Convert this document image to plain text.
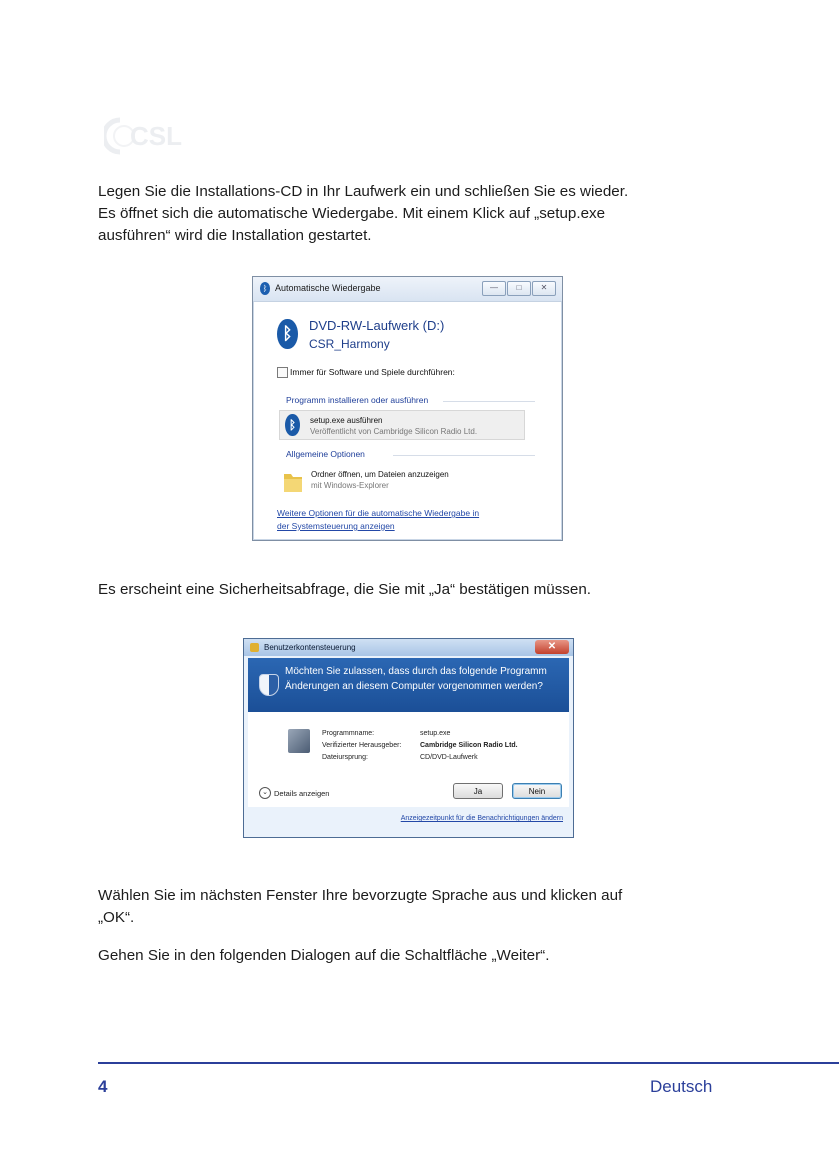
CSL
Legen Sie die Installations-CD in Ihr Laufwerk ein und schließen Sie es wieder.
Es öffnet sich die automatische Wiedergabe. Mit einem Klick auf „setup.exe
ausführen“ wird die Installation gestartet.
ᛒ Automatische Wiedergabe	—	□	✕
ᛒ	DVD-RW-Laufwerk (D:)
CSR_Harmony
Immer für Software und Spiele durchführen:
Programm installieren oder ausführen
ᛒ	setup.exe ausführen
Veröffentlicht von Cambridge Silicon Radio Ltd.
Allgemeine Optionen
Ordner öffnen, um Dateien anzuzeigen
mit Windows-Explorer
Weitere Optionen für die automatische Wiedergabe in
der Systemsteuerung anzeigen
Es erscheint eine Sicherheitsabfrage, die Sie mit „Ja“ bestätigen müssen.
Benutzerkontensteuerung	✕
Möchten Sie zulassen, dass durch das folgende Programm Änderungen an diesem Computer vorgenommen werden?
Programmname:	setup.exe
Verifizierter Herausgeber:	Cambridge Silicon Radio Ltd.
Dateiursprung:	CD/DVD-Laufwerk
⌄ Details anzeigen	Ja	Nein
Anzeigezeitpunkt für die Benachrichtigungen ändern
Wählen Sie im nächsten Fenster Ihre bevorzugte Sprache aus und klicken auf
„OK“.
Gehen Sie in den folgenden Dialogen auf die Schaltfläche „Weiter“.
4	Deutsch
